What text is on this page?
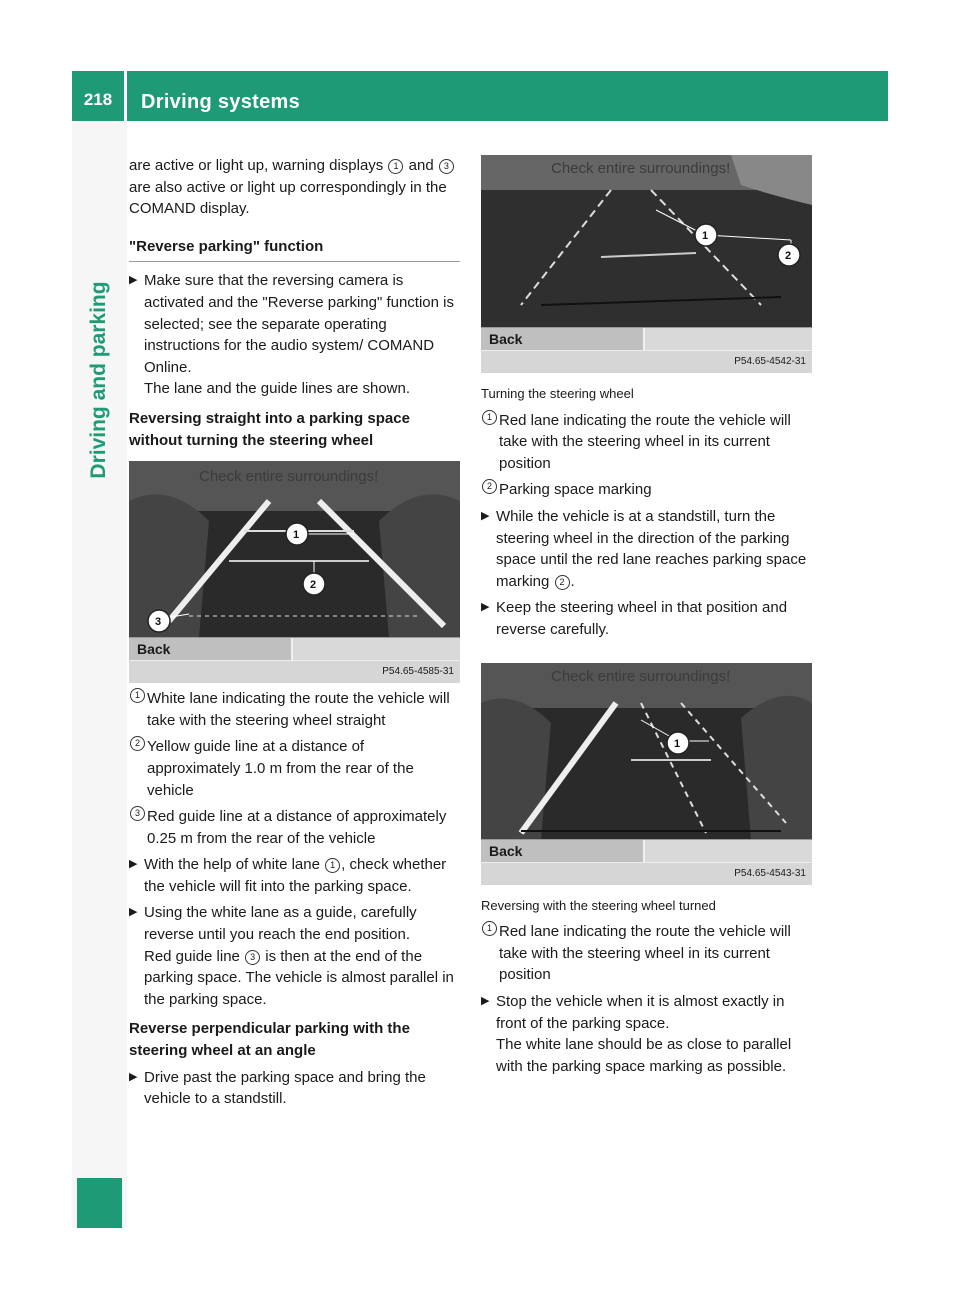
218	Driving systems
Driving and parking

are active or light up, warning displays 1 and 3 are also active or light up correspondingly in the COMAND display.

"Reverse parking" function

▶ Make sure that the reversing camera is activated and the "Reverse parking" function is selected; see the separate operating instructions for the audio system/ COMAND Online.

The lane and the guide lines are shown.

Reversing straight into a parking space without turning the steering wheel

Check entire surroundings!
1
2
3
Back
P54.65-4585-31
1 White lane indicating the route the vehicle will take with the steering wheel straight
2 Yellow guide line at a distance of approximately 1.0 m from the rear of the vehicle
3 Red guide line at a distance of approximately 0.25 m from the rear of the vehicle
▶ With the help of white lane 1 , check whether the vehicle will fit into the parking space.
▶ Using the white lane as a guide, carefully reverse until you reach the end position.

Red guide line 3 is then at the end of the parking space. The vehicle is almost parallel in the parking space.

Reverse perpendicular parking with the steering wheel at an angle

▶ Drive past the parking space and bring the vehicle to a standstill.
Check entire surroundings!
1
2
Back
P54.65-4542-31

Turning the steering wheel

1 Red lane indicating the route the vehicle will take with the steering wheel in its current position
2 Parking space marking
▶ While the vehicle is at a standstill, turn the steering wheel in the direction of the parking space until the red lane reaches parking space marking 2 .
▶ Keep the steering wheel in that position and reverse carefully.
Check entire surroundings!
1
Back
P54.65-4543-31

Reversing with the steering wheel turned

1 Red lane indicating the route the vehicle will take with the steering wheel in its current position
▶ Stop the vehicle when it is almost exactly in front of the parking space.

The white lane should be as close to parallel with the parking space marking as possible.
